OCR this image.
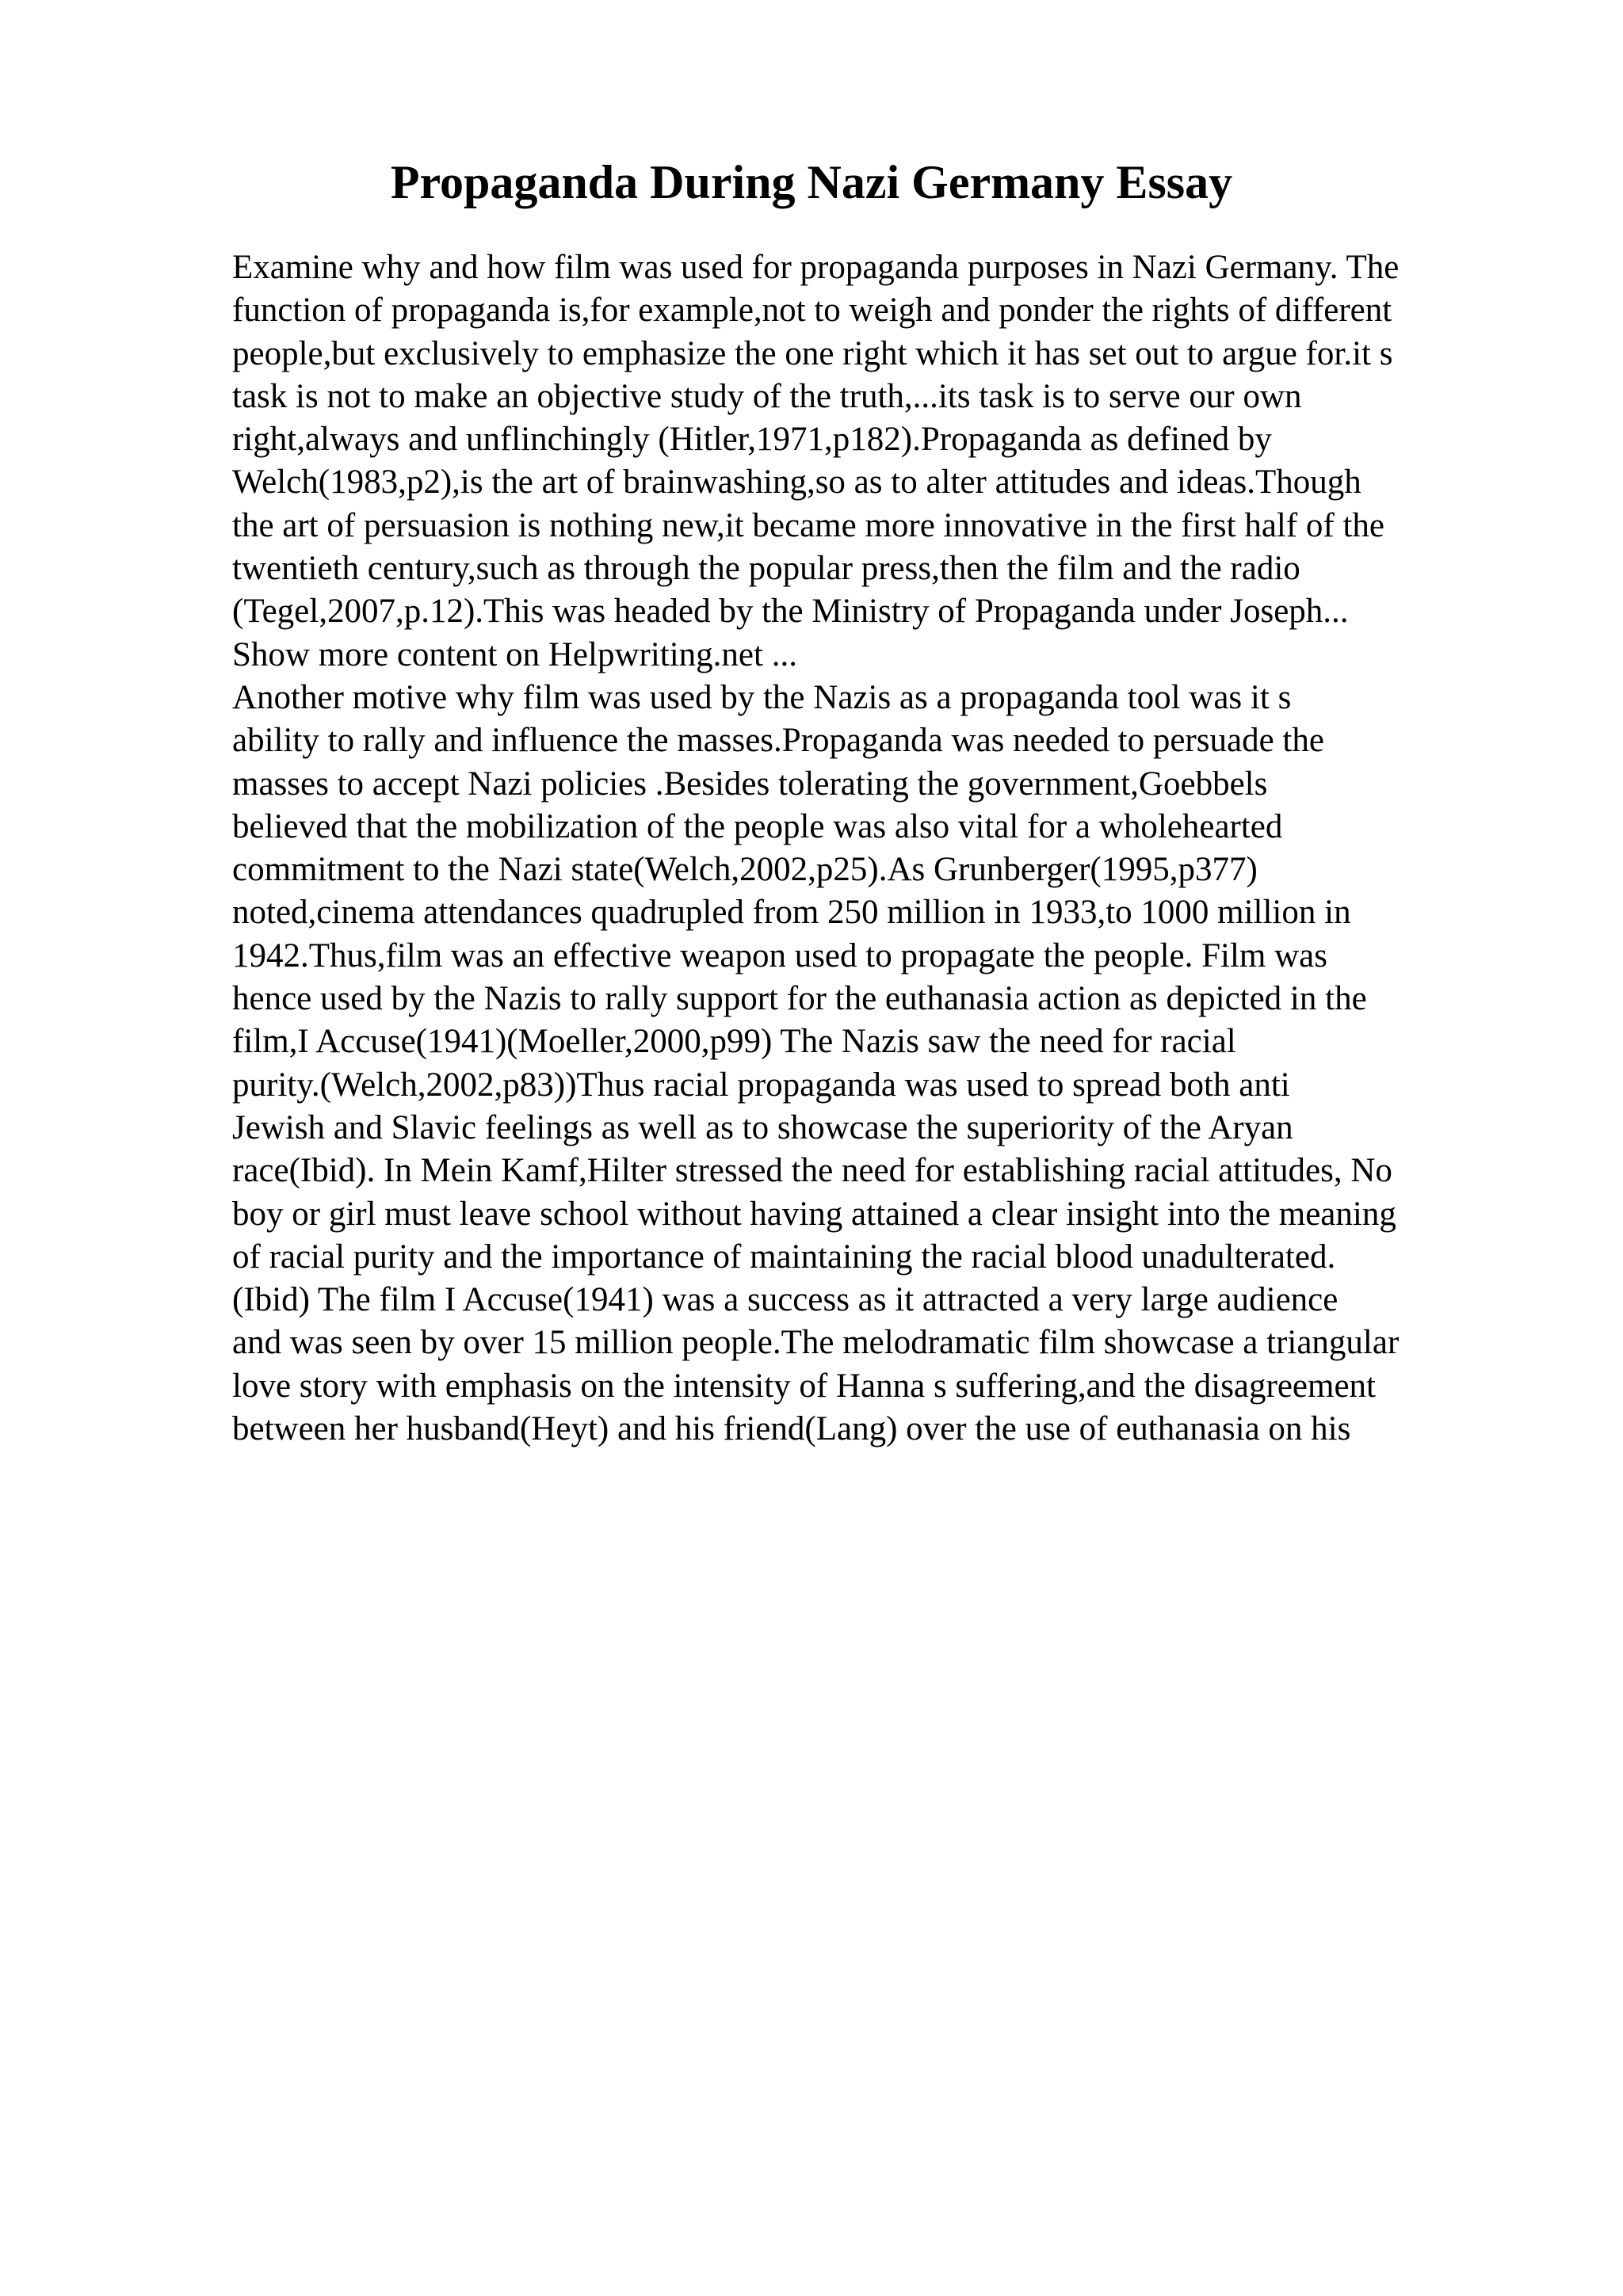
Propaganda During Nazi Germany Essay
Examine why and how film was used for propaganda purposes in Nazi Germany. The
function of propaganda is,for example,not to weigh and ponder the rights of different
people,but exclusively to emphasize the one right which it has set out to argue for.it s
task is not to make an objective study of the truth,...its task is to serve our own
right,always and unflinchingly (Hitler,1971,p182).Propaganda as defined by
Welch(1983,p2),is the art of brainwashing,so as to alter attitudes and ideas.Though
the art of persuasion is nothing new,it became more innovative in the first half of the
twentieth century,such as through the popular press,then the film and the radio
(Tegel,2007,p.12).This was headed by the Ministry of Propaganda under Joseph...
Show more content on Helpwriting.net ...
Another motive why film was used by the Nazis as a propaganda tool was it s
ability to rally and influence the masses.Propaganda was needed to persuade the
masses to accept Nazi policies .Besides tolerating the government,Goebbels
believed that the mobilization of the people was also vital for a wholehearted
commitment to the Nazi state(Welch,2002,p25).As Grunberger(1995,p377)
noted,cinema attendances quadrupled from 250 million in 1933,to 1000 million in
1942.Thus,film was an effective weapon used to propagate the people. Film was
hence used by the Nazis to rally support for the euthanasia action as depicted in the
film,I Accuse(1941)(Moeller,2000,p99) The Nazis saw the need for racial
purity.(Welch,2002,p83))Thus racial propaganda was used to spread both anti
Jewish and Slavic feelings as well as to showcase the superiority of the Aryan
race(Ibid). In Mein Kamf,Hilter stressed the need for establishing racial attitudes, No
boy or girl must leave school without having attained a clear insight into the meaning
of racial purity and the importance of maintaining the racial blood unadulterated.
(Ibid) The film I Accuse(1941) was a success as it attracted a very large audience
and was seen by over 15 million people.The melodramatic film showcase a triangular
love story with emphasis on the intensity of Hanna s suffering,and the disagreement
between her husband(Heyt) and his friend(Lang) over the use of euthanasia on his
